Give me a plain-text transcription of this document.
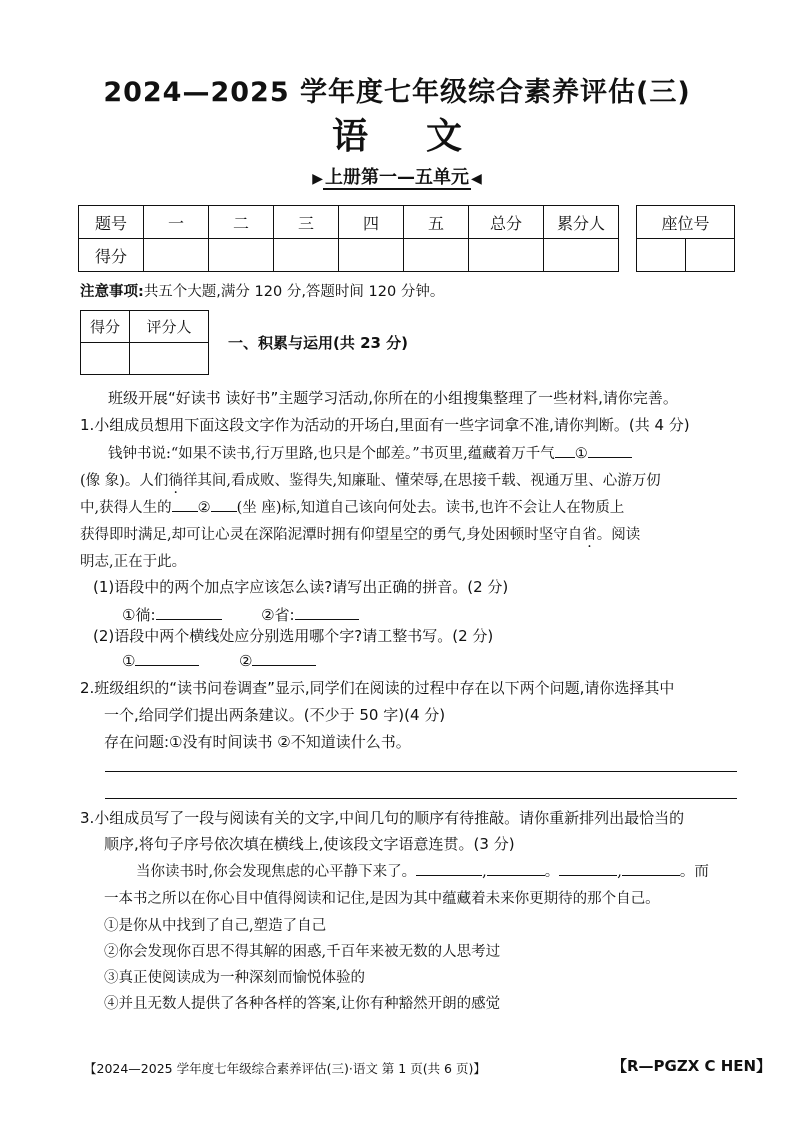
2024—2025 学年度七年级综合素养评估(三)
语文
▶ 上册第一—五单元 ◀
题号	一	二	三	四	五	总分	累分人
得分							
座位号

注意事项:共五个大题,满分 120 分,答题时间 120 分钟。
得分	评分人

一、积累与运用(共 23 分)
班级开展“好读书 读好书”主题学习活动,你所在的小组搜集整理了一些材料,请你完善。
1.小组成员想用下面这段文字作为活动的开场白,里面有一些字词拿不准,请你判断。(共 4 分)
钱钟书说:“如果不读书,行万里路,也只是个邮差。”书页里,蕴藏着万千气 ①
(像 象)。人们徜徉其间,看成败、鉴得失,知廉耻、懂荣辱,在思接千载、视通万里、心游万仞
中,获得人生的 ② (坐 座)标,知道自己该向何处去。读书,也许不会让人在物质上
获得即时满足,却可让心灵在深陷泥潭时拥有仰望星空的勇气,身处困顿时坚守自省。阅读
明志,正在于此。
(1)语段中的两个加点字应该怎么读?请写出正确的拼音。(2 分)
①徜:	②省:
(2)语段中两个横线处应分别选用哪个字?请工整书写。(2 分)
①	②
2.班级组织的“读书问卷调查”显示,同学们在阅读的过程中存在以下两个问题,请你选择其中
一个,给同学们提出两条建议。(不少于 50 字)(4 分)
存在问题:①没有时间读书 ②不知道读什么书。
3.小组成员写了一段与阅读有关的文字,中间几句的顺序有待推敲。请你重新排列出最恰当的
顺序,将句子序号依次填在横线上,使该段文字语意连贯。(3 分)
当你读书时,你会发现焦虑的心平静下来了。	,	。	,	。而
一本书之所以在你心目中值得阅读和记住,是因为其中蕴藏着未来你更期待的那个自己。
①是你从中找到了自己,塑造了自己
②你会发现你百思不得其解的困惑,千百年来被无数的人思考过
③真正使阅读成为一种深刻而愉悦体验的
④并且无数人提供了各种各样的答案,让你有种豁然开朗的感觉
【2024—2025 学年度七年级综合素养评估(三)·语文 第 1 页(共 6 页)】	【R—PGZX C HEN】
